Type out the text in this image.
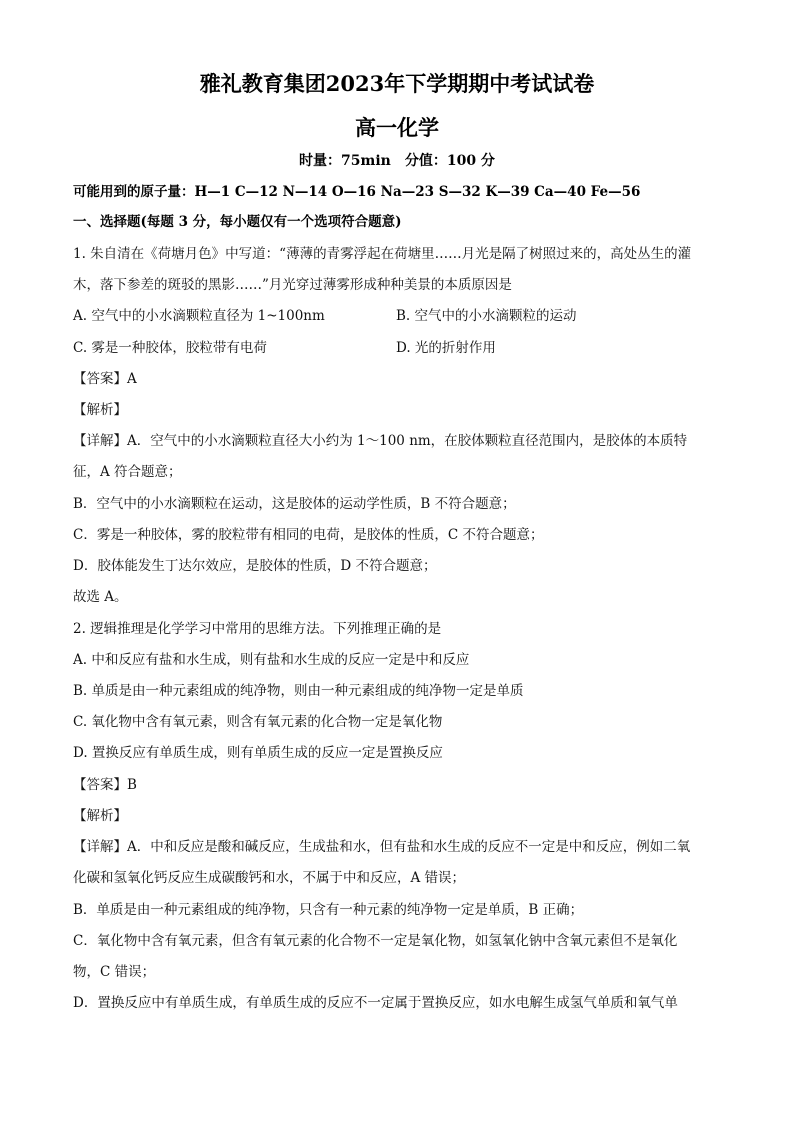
雅礼教育集团2023年下学期期中考试试卷
高一化学
时量：75min　分值：100 分
可能用到的原子量：H—1 C—12 N—14 O—16 Na—23 S—32 K—39 Ca—40 Fe—56
一、选择题(每题 3 分，每小题仅有一个选项符合题意)
1. 朱自清在《荷塘月色》中写道：“薄薄的青雾浮起在荷塘里……月光是隔了树照过来的，高处丛生的灌
木，落下参差的斑驳的黑影……”月光穿过薄雾形成种种美景的本质原因是
A. 空气中的小水滴颗粒直径为 1~100nm	B. 空气中的小水滴颗粒的运动
C. 雾是一种胶体，胶粒带有电荷	D. 光的折射作用
【答案】A
【解析】
【详解】A．空气中的小水滴颗粒直径大小约为 1～100 nm，在胶体颗粒直径范围内，是胶体的本质特
征，A 符合题意；
B．空气中的小水滴颗粒在运动，这是胶体的运动学性质，B 不符合题意；
C．雾是一种胶体，雾的胶粒带有相同的电荷，是胶体的性质，C 不符合题意；
D．胶体能发生丁达尔效应，是胶体的性质，D 不符合题意；
故选 A。
2. 逻辑推理是化学学习中常用的思维方法。下列推理正确的是
A. 中和反应有盐和水生成，则有盐和水生成的反应一定是中和反应
B. 单质是由一种元素组成的纯净物，则由一种元素组成的纯净物一定是单质
C. 氧化物中含有氧元素，则含有氧元素的化合物一定是氧化物
D. 置换反应有单质生成，则有单质生成的反应一定是置换反应
【答案】B
【解析】
【详解】A．中和反应是酸和碱反应，生成盐和水，但有盐和水生成的反应不一定是中和反应，例如二氧
化碳和氢氧化钙反应生成碳酸钙和水，不属于中和反应，A 错误；
B．单质是由一种元素组成的纯净物，只含有一种元素的纯净物一定是单质，B 正确；
C．氧化物中含有氧元素，但含有氧元素的化合物不一定是氧化物，如氢氧化钠中含氧元素但不是氧化
物，C 错误；
D．置换反应中有单质生成，有单质生成的反应不一定属于置换反应，如水电解生成氢气单质和氧气单
